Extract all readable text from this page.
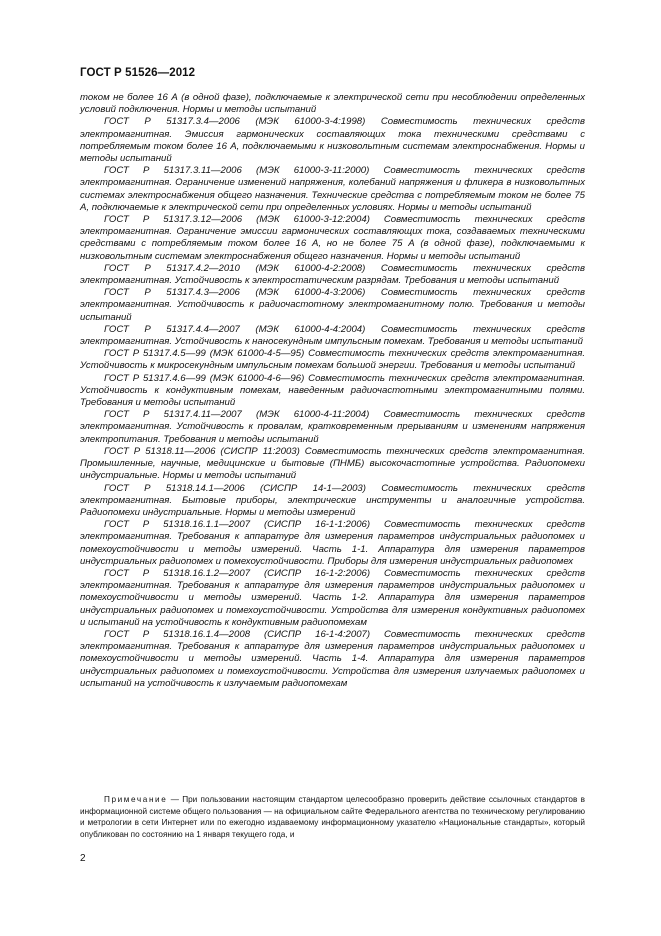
ГОСТ Р 51526—2012

током не более 16 А (в одной фазе), подключаемые к электрической сети при несоблюдении определенных условий подключения. Нормы и методы испытаний

ГОСТ Р 51317.3.4—2006 (МЭК 61000-3-4:1998) Совместимость технических средств электромагнитная. Эмиссия гармонических составляющих тока техническими средствами с потребляемым током более 16 А, подключаемыми к низковольтным системам электроснабжения. Нормы и методы испытаний

ГОСТ Р 51317.3.11—2006 (МЭК 61000-3-11:2000) Совместимость технических средств электромагнитная. Ограничение изменений напряжения, колебаний напряжения и фликера в низковольтных системах электроснабжения общего назначения. Технические средства с потребляемым током не более 75 А, подключаемые к электрической сети при определенных условиях. Нормы и методы испытаний

ГОСТ Р 51317.3.12—2006 (МЭК 61000-3-12:2004) Совместимость технических средств электромагнитная. Ограничение эмиссии гармонических составляющих тока, создаваемых техническими средствами с потребляемым током более 16 А, но не более 75 А (в одной фазе), подключаемыми к низковольтным системам электроснабжения общего назначения. Нормы и методы испытаний

ГОСТ Р 51317.4.2—2010 (МЭК 61000-4-2:2008) Совместимость технических средств электромагнитная. Устойчивость к электростатическим разрядам. Требования и методы испытаний

ГОСТ Р 51317.4.3—2006 (МЭК 61000-4-3:2006) Совместимость технических средств электромагнитная. Устойчивость к радиочастотному электромагнитному полю. Требования и методы испытаний

ГОСТ Р 51317.4.4—2007 (МЭК 61000-4-4:2004) Совместимость технических средств электромагнитная. Устойчивость к наносекундным импульсным помехам. Требования и методы испытаний

ГОСТ Р 51317.4.5—99 (МЭК 61000-4-5—95) Совместимость технических средств электромагнитная. Устойчивость к микросекундным импульсным помехам большой энергии. Требования и методы испытаний

ГОСТ Р 51317.4.6—99 (МЭК 61000-4-6—96) Совместимость технических средств электромагнитная. Устойчивость к кондуктивным помехам, наведенным радиочастотными электромагнитными полями. Требования и методы испытаний

ГОСТ Р 51317.4.11—2007 (МЭК 61000-4-11:2004) Совместимость технических средств электромагнитная. Устойчивость к провалам, кратковременным прерываниям и изменениям напряжения электропитания. Требования и методы испытаний

ГОСТ Р 51318.11—2006 (СИСПР 11:2003) Совместимость технических средств электромагнитная. Промышленные, научные, медицинские и бытовые (ПНМБ) высокочастотные устройства. Радиопомехи индустриальные. Нормы и методы испытаний

ГОСТ Р 51318.14.1—2006 (СИСПР 14-1—2003) Совместимость технических средств электромагнитная. Бытовые приборы, электрические инструменты и аналогичные устройства. Радиопомехи индустриальные. Нормы и методы измерений

ГОСТ Р 51318.16.1.1—2007 (СИСПР 16-1-1:2006) Совместимость технических средств электромагнитная. Требования к аппаратуре для измерения параметров индустриальных радиопомех и помехоустойчивости и методы измерений. Часть 1-1. Аппаратура для измерения параметров индустриальных радиопомех и помехоустойчивости. Приборы для измерения индустриальных радиопомех

ГОСТ Р 51318.16.1.2—2007 (СИСПР 16-1-2:2006) Совместимость технических средств электромагнитная. Требования к аппаратуре для измерения параметров индустриальных радиопомех и помехоустойчивости и методы измерений. Часть 1-2. Аппаратура для измерения параметров индустриальных радиопомех и помехоустойчивости. Устройства для измерения кондуктивных радиопомех и испытаний на устойчивость к кондуктивным радиопомехам

ГОСТ Р 51318.16.1.4—2008 (СИСПР 16-1-4:2007) Совместимость технических средств электромагнитная. Требования к аппаратуре для измерения параметров индустриальных радиопомех и помехоустойчивости и методы измерений. Часть 1-4. Аппаратура для измерения параметров индустриальных радиопомех и помехоустойчивости. Устройства для измерения излучаемых радиопомех и испытаний на устойчивость к излучаемым радиопомехам

Примечание — При пользовании настоящим стандартом целесообразно проверить действие ссылочных стандартов в информационной системе общего пользования — на официальном сайте Федерального агентства по техническому регулированию и метрологии в сети Интернет или по ежегодно издаваемому информационному указателю «Национальные стандарты», который опубликован по состоянию на 1 января текущего года, и
2
